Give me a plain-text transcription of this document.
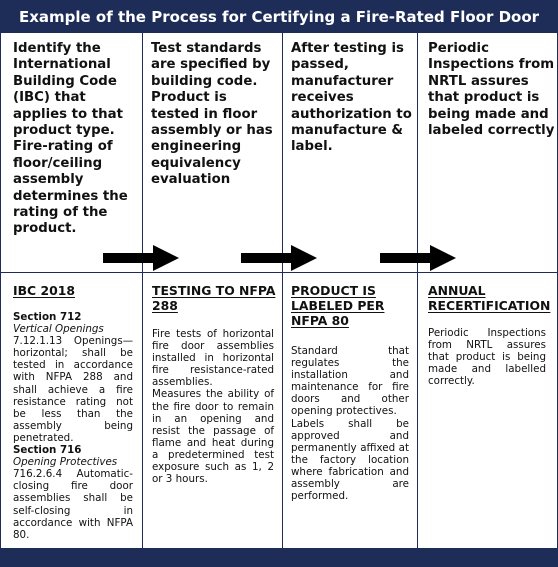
Example of the Process for Certifying a Fire-Rated Floor Door
Identify the International Building Code (IBC) that applies to that product type. Fire-rating of floor/ceiling assembly determines the rating of the product.
IBC 2018
Section 712
Vertical Openings
7.12.1.13 Openings—horizontal; shall be tested in accordance with NFPA 288 and shall achieve a fire resistance rating not be less than the assembly being penetrated.
Section 716
Opening Protectives
716.2.6.4 Automatic-closing fire door assemblies shall be self-closing in accordance with NFPA 80.
Test standards are specified by building code. Product is tested in floor assembly or has engineering equivalency evaluation
TESTING TO NFPA 288
Fire tests of horizontal fire door assemblies installed in horizontal fire resistance-rated assemblies.
Measures the ability of the fire door to remain in an opening and resist the passage of flame and heat during a predetermined test exposure such as 1, 2 or 3 hours.
After testing is passed, manufacturer receives authorization to manufacture & label.
PRODUCT IS LABELED PER NFPA 80
Standard that regulates the installation and maintenance for fire doors and other opening protectives.
Labels shall be approved and permanently affixed at the factory location where fabrication and assembly are performed.
Periodic Inspections from NRTL assures that product is being made and labeled correctly
ANNUAL RECERTIFICATION
Periodic Inspections from NRTL assures that product is being made and labelled correctly.
